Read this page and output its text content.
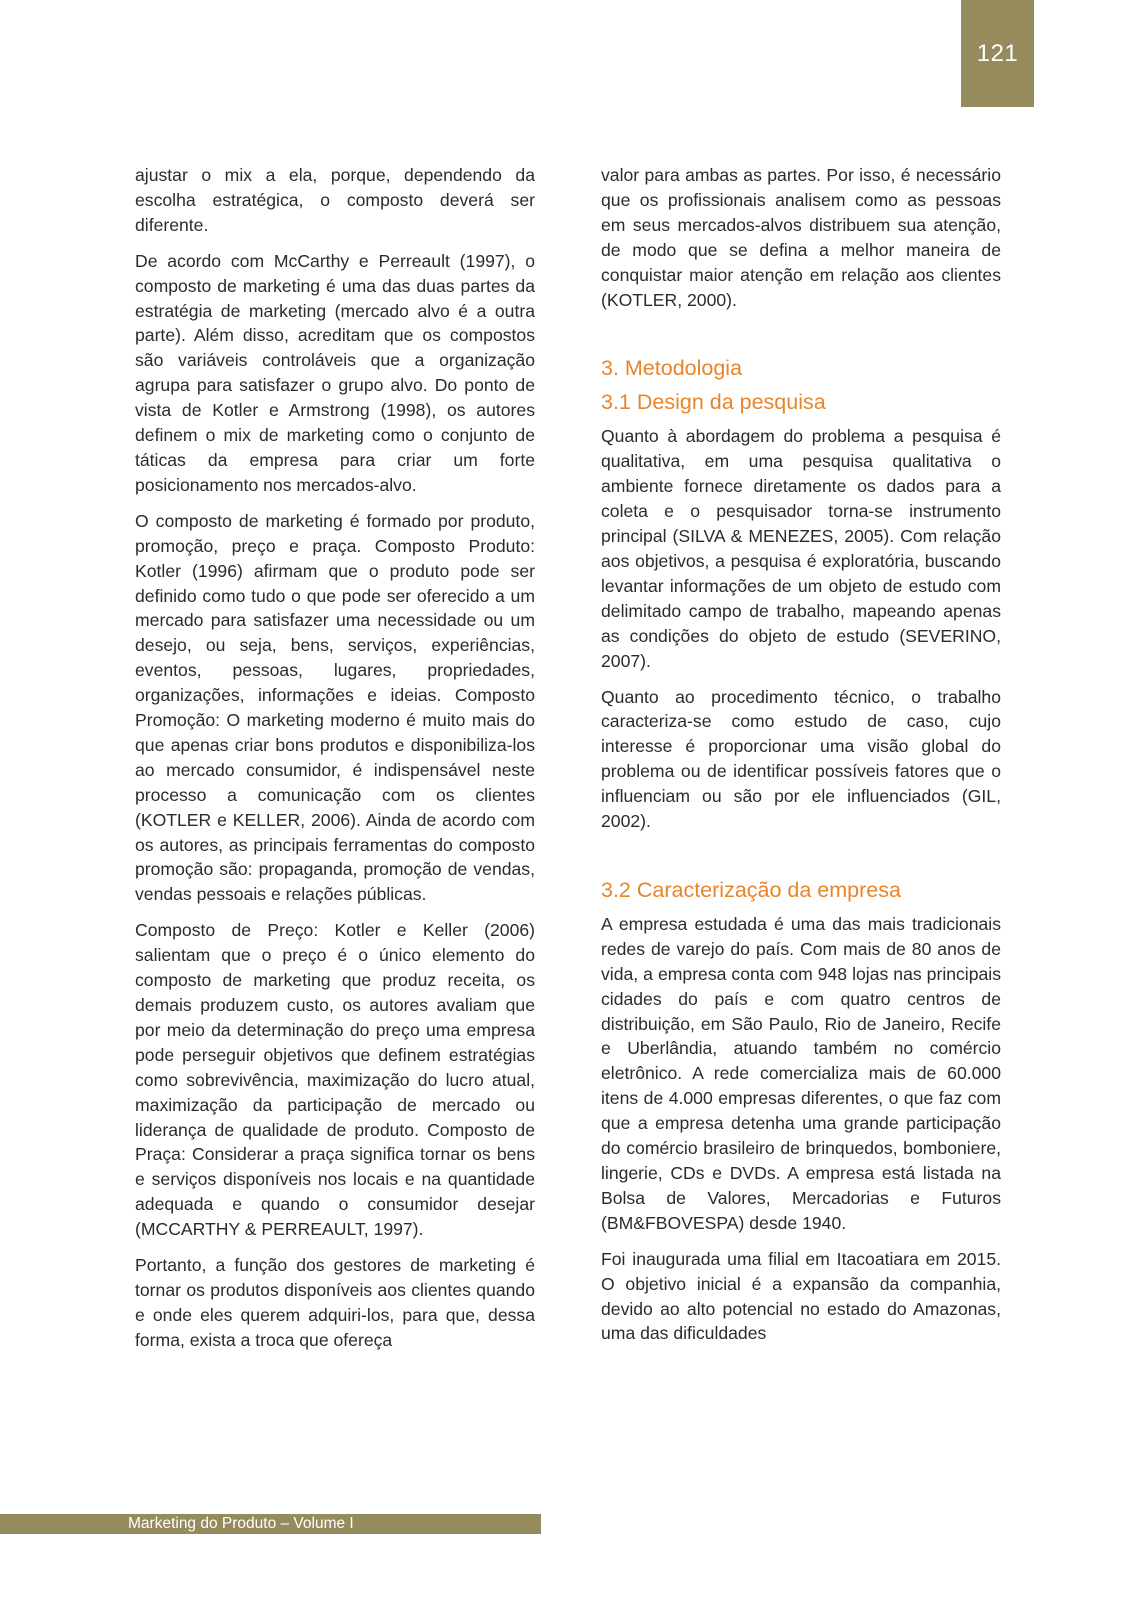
121

ajustar o mix a ela, porque, dependendo da escolha estratégica, o composto deverá ser diferente.

De acordo com McCarthy e Perreault (1997), o composto de marketing é uma das duas partes da estratégia de marketing (mercado alvo é a outra parte). Além disso, acreditam que os compostos são variáveis controláveis que a organização agrupa para satisfazer o grupo alvo. Do ponto de vista de Kotler e Armstrong (1998), os autores definem o mix de marketing como o conjunto de táticas da empresa para criar um forte posicionamento nos mercados-alvo.

O composto de marketing é formado por produto, promoção, preço e praça. Composto Produto: Kotler (1996) afirmam que o produto pode ser definido como tudo o que pode ser oferecido a um mercado para satisfazer uma necessidade ou um desejo, ou seja, bens, serviços, experiências, eventos, pessoas, lugares, propriedades, organizações, informações e ideias. Composto Promoção: O marketing moderno é muito mais do que apenas criar bons produtos e disponibiliza-los ao mercado consumidor, é indispensável neste processo a comunicação com os clientes (KOTLER e KELLER, 2006). Ainda de acordo com os autores, as principais ferramentas do composto promoção são: propaganda, promoção de vendas, vendas pessoais e relações públicas.

Composto de Preço: Kotler e Keller (2006) salientam que o preço é o único elemento do composto de marketing que produz receita, os demais produzem custo, os autores avaliam que por meio da determinação do preço uma empresa pode perseguir objetivos que definem estratégias como sobrevivência, maximização do lucro atual, maximização da participação de mercado ou liderança de qualidade de produto. Composto de Praça: Considerar a praça significa tornar os bens e serviços disponíveis nos locais e na quantidade adequada e quando o consumidor desejar (MCCARTHY & PERREAULT, 1997).

Portanto, a função dos gestores de marketing é tornar os produtos disponíveis aos clientes quando e onde eles querem adquiri-los, para que, dessa forma, exista a troca que ofereça

valor para ambas as partes. Por isso, é necessário que os profissionais analisem como as pessoas em seus mercados-alvos distribuem sua atenção, de modo que se defina a melhor maneira de conquistar maior atenção em relação aos clientes (KOTLER, 2000).

3. Metodologia
3.1 Design da pesquisa

Quanto à abordagem do problema a pesquisa é qualitativa, em uma pesquisa qualitativa o ambiente fornece diretamente os dados para a coleta e o pesquisador torna-se instrumento principal (SILVA & MENEZES, 2005). Com relação aos objetivos, a pesquisa é exploratória, buscando levantar informações de um objeto de estudo com delimitado campo de trabalho, mapeando apenas as condições do objeto de estudo (SEVERINO, 2007).

Quanto ao procedimento técnico, o trabalho caracteriza-se como estudo de caso, cujo interesse é proporcionar uma visão global do problema ou de identificar possíveis fatores que o influenciam ou são por ele influenciados (GIL, 2002).

3.2 Caracterização da empresa

A empresa estudada é uma das mais tradicionais redes de varejo do país. Com mais de 80 anos de vida, a empresa conta com 948 lojas nas principais cidades do país e com quatro centros de distribuição, em São Paulo, Rio de Janeiro, Recife e Uberlândia, atuando também no comércio eletrônico. A rede comercializa mais de 60.000 itens de 4.000 empresas diferentes, o que faz com que a empresa detenha uma grande participação do comércio brasileiro de brinquedos, bomboniere, lingerie, CDs e DVDs. A empresa está listada na Bolsa de Valores, Mercadorias e Futuros (BM&FBOVESPA) desde 1940.

Foi inaugurada uma filial em Itacoatiara em 2015. O objetivo inicial é a expansão da companhia, devido ao alto potencial no estado do Amazonas, uma das dificuldades

Marketing do Produto – Volume I
